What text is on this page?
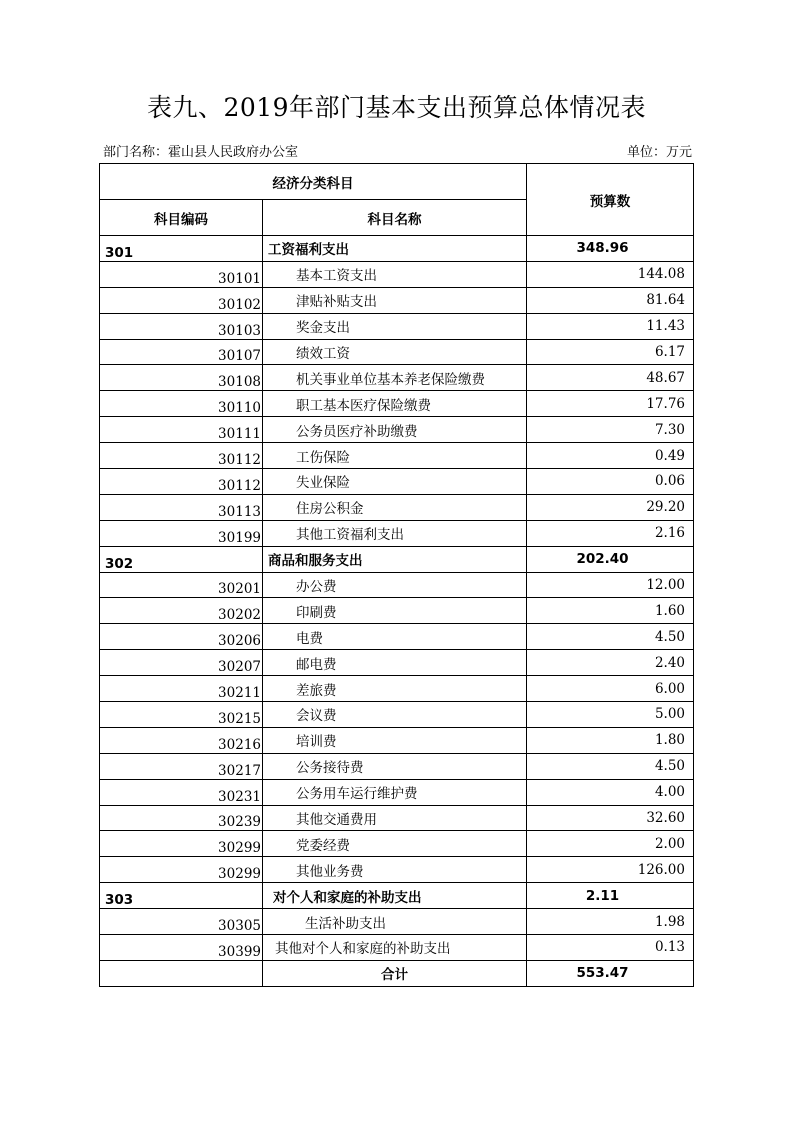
表九、2019年部门基本支出预算总体情况表
部门名称：霍山县人民政府办公室	单位：万元
经济分类科目		预算数
科目编码	科目名称	
301	工资福利支出	348.96
30101	基本工资支出	144.08
30102	津贴补贴支出	81.64
30103	奖金支出	11.43
30107	绩效工资	6.17
30108	机关事业单位基本养老保险缴费	48.67
30110	职工基本医疗保险缴费	17.76
30111	公务员医疗补助缴费	7.30
30112	工伤保险	0.49
30112	失业保险	0.06
30113	住房公积金	29.20
30199	其他工资福利支出	2.16
302	商品和服务支出	202.40
30201	办公费	12.00
30202	印刷费	1.60
30206	电费	4.50
30207	邮电费	2.40
30211	差旅费	6.00
30215	会议费	5.00
30216	培训费	1.80
30217	公务接待费	4.50
30231	公务用车运行维护费	4.00
30239	其他交通费用	32.60
30299	党委经费	2.00
30299	其他业务费	126.00
303	对个人和家庭的补助支出	2.11
30305	生活补助支出	1.98
30399	其他对个人和家庭的补助支出	0.13
	合计	553.47
